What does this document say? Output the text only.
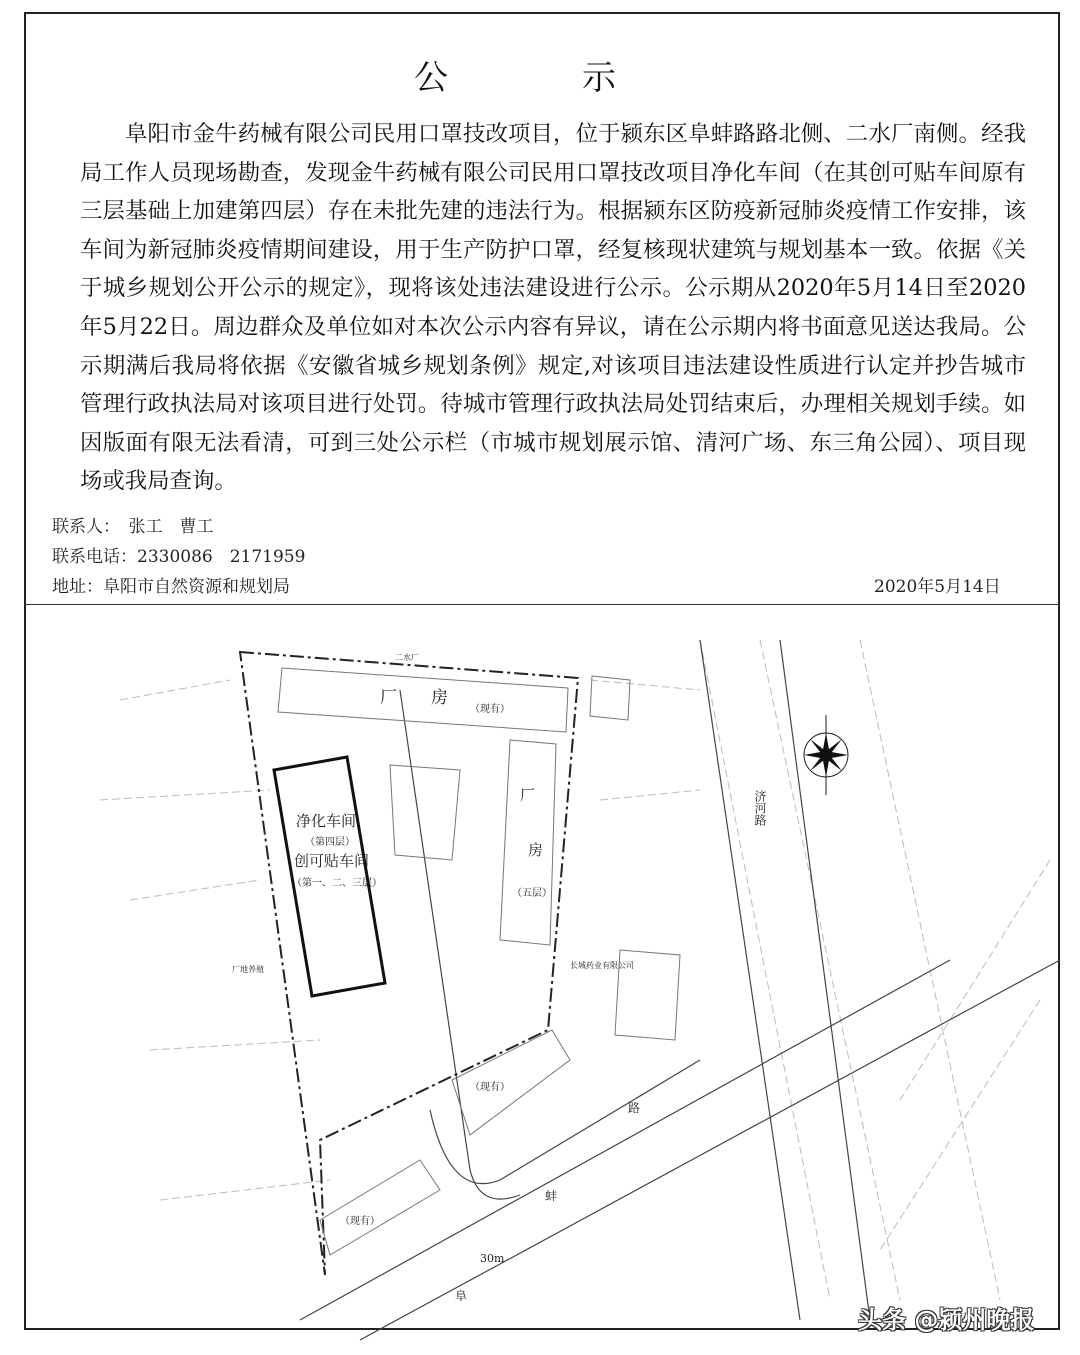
公　示
阜阳市金牛药械有限公司民用口罩技改项目，位于颍东区阜蚌路路北侧、二水厂南侧。经我局工作人员现场勘查，发现金牛药械有限公司民用口罩技改项目净化车间（在其创可贴车间原有三层基础上加建第四层）存在未批先建的违法行为。根据颍东区防疫新冠肺炎疫情工作安排，该车间为新冠肺炎疫情期间建设，用于生产防护口罩，经复核现状建筑与规划基本一致。依据《关于城乡规划公开公示的规定》，现将该处违法建设进行公示。公示期从2020年5月14日至2020年5月22日。周边群众及单位如对本次公示内容有异议，请在公示期内将书面意见送达我局。公示期满后我局将依据《安徽省城乡规划条例》规定,对该项目违法建设性质进行认定并抄告城市管理行政执法局对该项目进行处罚。待城市管理行政执法局处罚结束后，办理相关规划手续。如因版面有限无法看清，可到三处公示栏（市城市规划展示馆、清河广场、东三角公园）、项目现场或我局查询。
联系人：　张工　曹工
联系电话：2330086　2171959
地址：阜阳市自然资源和规划局	2020年5月14日
厂　　房
（现有）
净化车间
（第四层）
创可贴车间
（第一、二、三层）
厂
房
（五层）
（现有）
（现有）
济河路
路
蚌
阜
30m
二水厂
长城药业有限公司
厂地养殖
头条 @颍州晚报
